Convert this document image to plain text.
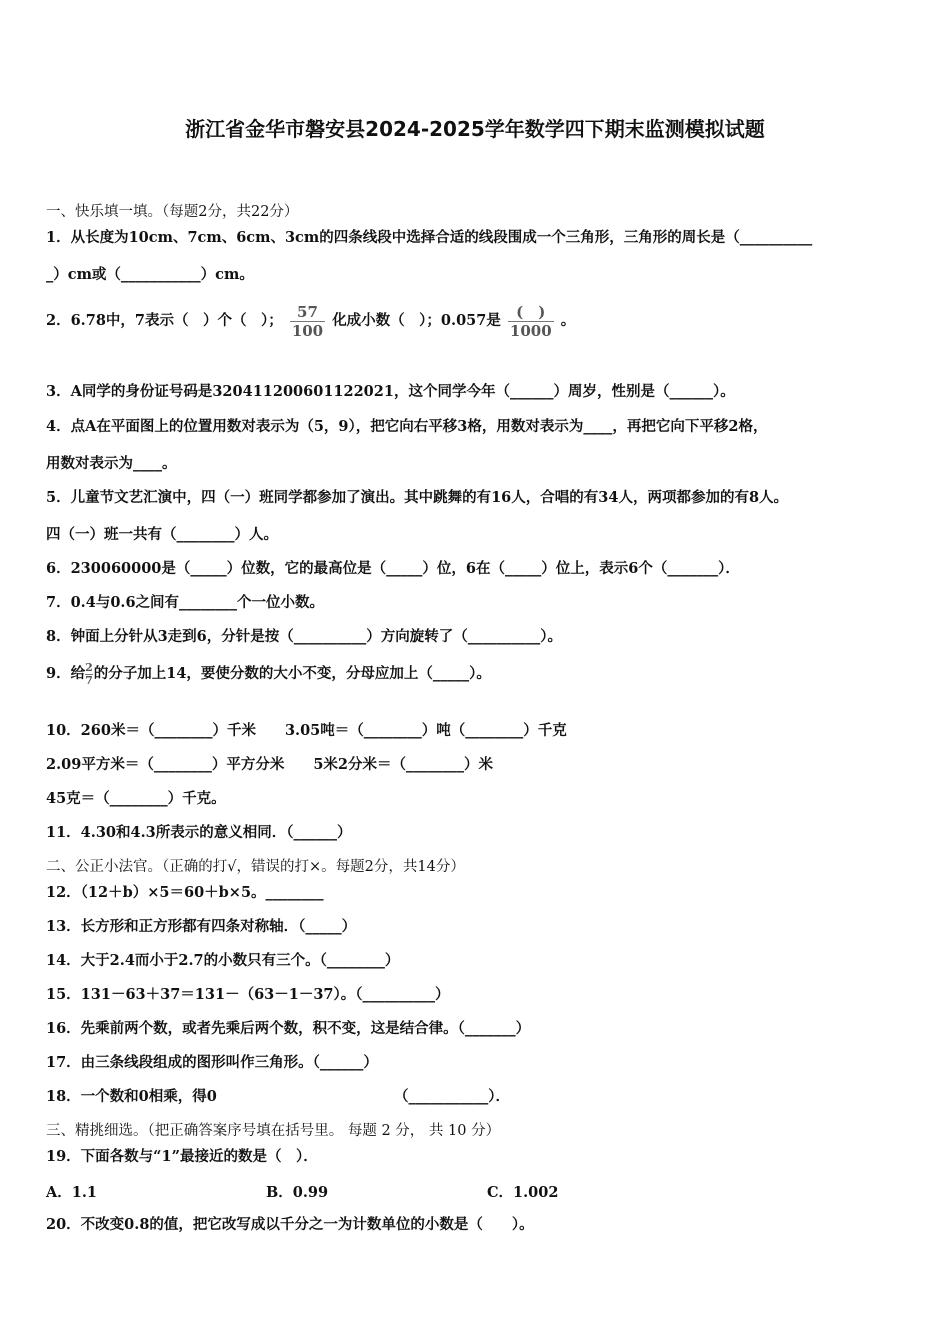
浙江省金华市磐安县2024-2025学年数学四下期末监测模拟试题
一、快乐填一填。（每题2分，共22分）
1．从长度为10cm、7cm、6cm、3cm的四条线段中选择合适的线段围成一个三角形，三角形的周长是（__________
_）cm或（___________）cm。
2．6.78中，7表示（　）个（　）； $\frac{57}{100}$ 化成小数（　）；0.057是 $\frac{( )}{1000}$ 。
3．A同学的身份证号码是320411200601122021，这个同学今年（______）周岁，性别是（______）。
4．点A在平面图上的位置用数对表示为（5，9），把它向右平移3格，用数对表示为____，再把它向下平移2格，
用数对表示为____。
5．儿童节文艺汇演中，四（一）班同学都参加了演出。其中跳舞的有16人，合唱的有34人，两项都参加的有8人。
四（一）班一共有（________）人。
6．230060000是（_____）位数，它的最高位是（_____）位，6在（_____）位上，表示6个（_______）．
7．0.4与0.6之间有________个一位小数。
8．钟面上分针从3走到6，分针是按（__________）方向旋转了（__________）。
9．给 $\frac{2}{7}$ 的分子加上14，要使分数的大小不变，分母应加上（_____）。
10．260米＝（________）千米　　3.05吨＝（________）吨（________）千克
2.09平方米＝（________）平方分米　　5米2分米＝（________）米
45克＝（________）千克。
11．4.30和4.3所表示的意义相同．（______）
二、公正小法官。（正确的打√，错误的打×。每题2分，共14分）
12．（12＋b）×5＝60＋b×5。________
13．长方形和正方形都有四条对称轴．（_____）
14．大于2.4而小于2.7的小数只有三个。（________）
15．131－63＋37＝131－（63－1－37）。（__________）
16．先乘前两个数，或者先乘后两个数，积不变，这是结合律。（_______）
17．由三条线段组成的图形叫作三角形。（______）
18．一个数和0相乘，得0	（___________）．
三、精挑细选。（把正确答案序号填在括号里。 每题 2 分， 共 10 分）
19．下面各数与“1”最接近的数是（　）．
A．1.1	B．0.99	C．1.002
20．不改变0.8的值，把它改写成以千分之一为计数单位的小数是（　　）。
